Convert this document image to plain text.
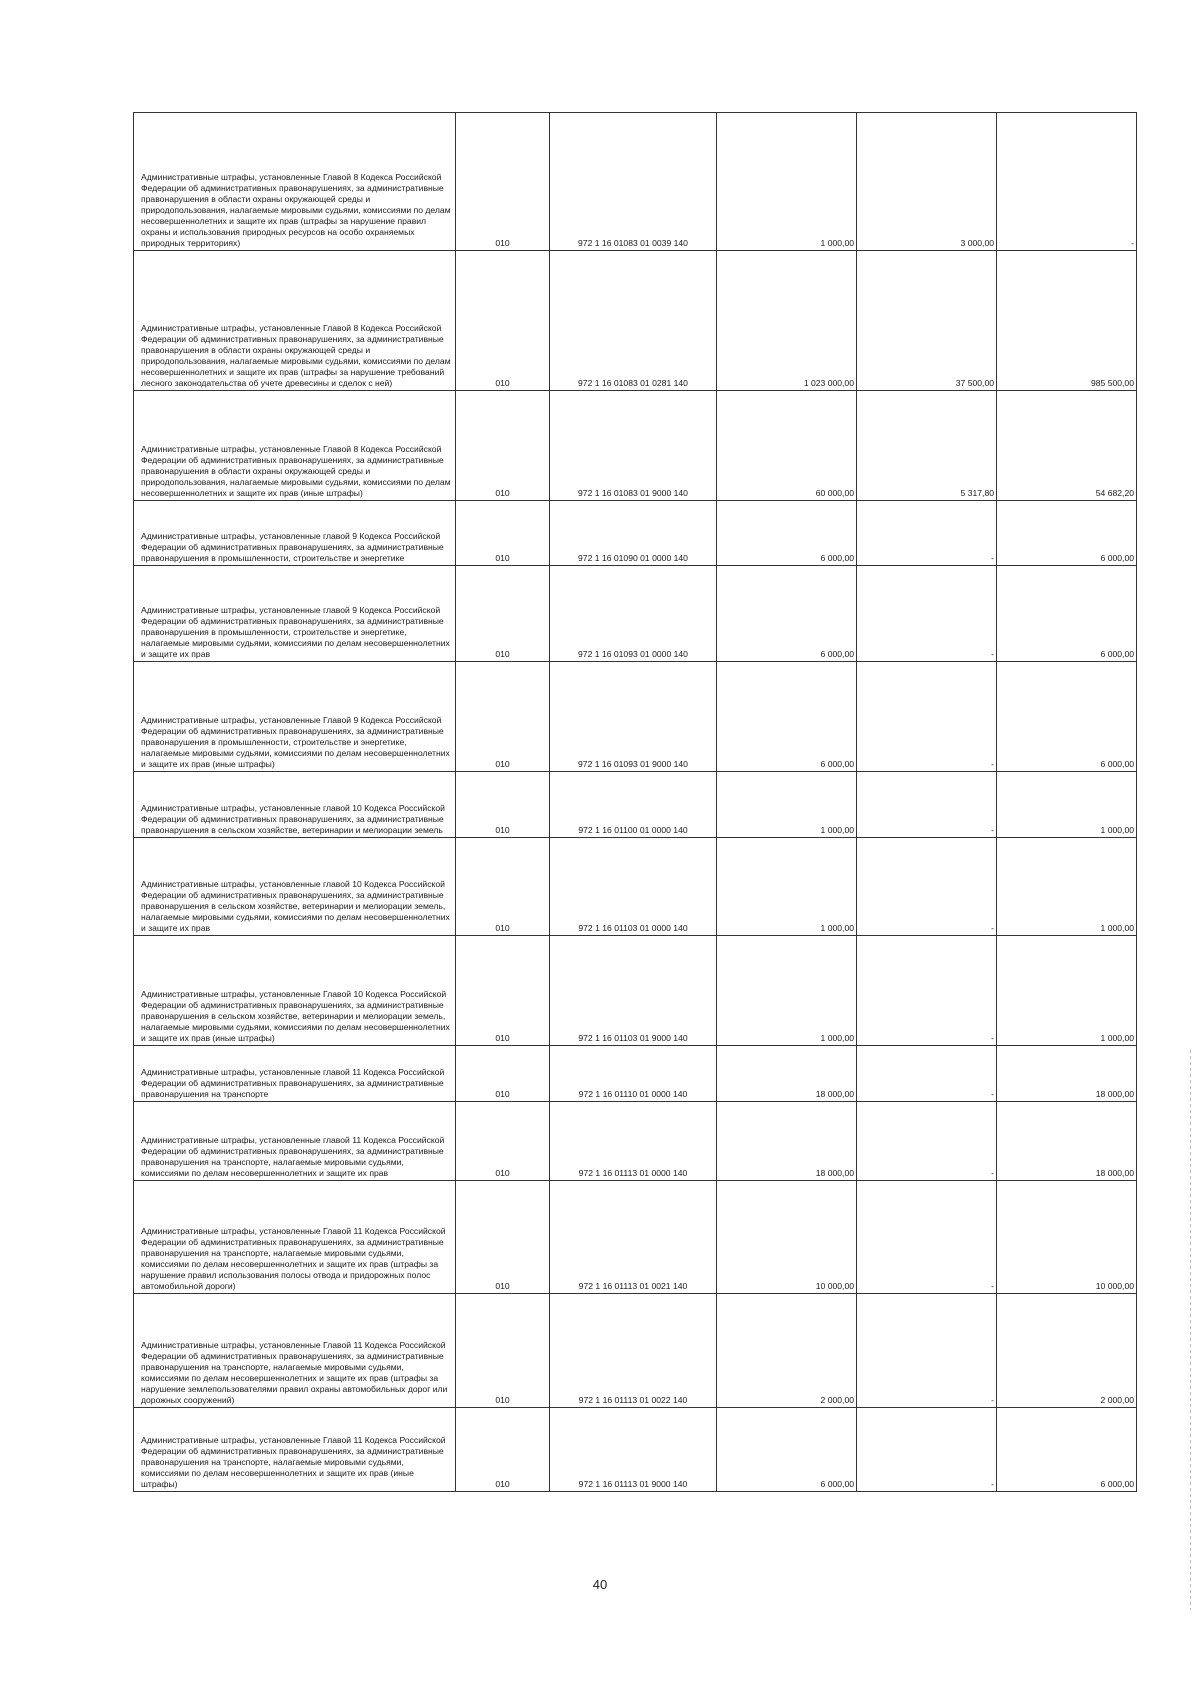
Административные штрафы, установленные Главой 8 Кодекса Российской Федерации об административных правонарушениях, за административные правонарушения в области охраны окружающей среды и природопользования, налагаемые мировыми судьями, комиссиями по делам несовершеннолетних и защите их прав (штрафы за нарушение правил охраны и использования природных ресурсов на особо охраняемых природных территориях)	010	972 1 16 01083 01 0039 140	1 000,00	3 000,00	-
Административные штрафы, установленные Главой 8 Кодекса Российской Федерации об административных правонарушениях, за административные правонарушения в области охраны окружающей среды и природопользования, налагаемые мировыми судьями, комиссиями по делам несовершеннолетних и защите их прав (штрафы за нарушение требований лесного законодательства об учете древесины и сделок с ней)	010	972 1 16 01083 01 0281 140	1 023 000,00	37 500,00	985 500,00
Административные штрафы, установленные Главой 8 Кодекса Российской Федерации об административных правонарушениях, за административные правонарушения в области охраны окружающей среды и природопользования, налагаемые мировыми судьями, комиссиями по делам несовершеннолетних и защите их прав (иные штрафы)	010	972 1 16 01083 01 9000 140	60 000,00	5 317,80	54 682,20
Административные штрафы, установленные главой 9 Кодекса Российской Федерации об административных правонарушениях, за административные правонарушения в промышленности, строительстве и энергетике	010	972 1 16 01090 01 0000 140	6 000,00	-	6 000,00
Административные штрафы, установленные главой 9 Кодекса Российской Федерации об административных правонарушениях, за административные правонарушения в промышленности, строительстве и энергетике, налагаемые мировыми судьями, комиссиями по делам несовершеннолетних и защите их прав	010	972 1 16 01093 01 0000 140	6 000,00	-	6 000,00
Административные штрафы, установленные Главой 9 Кодекса Российской Федерации об административных правонарушениях, за административные правонарушения в промышленности, строительстве и энергетике, налагаемые мировыми судьями, комиссиями по делам несовершеннолетних и защите их прав (иные штрафы)	010	972 1 16 01093 01 9000 140	6 000,00	-	6 000,00
Административные штрафы, установленные главой 10 Кодекса Российской Федерации об административных правонарушениях, за административные правонарушения в сельском хозяйстве, ветеринарии и мелиорации земель	010	972 1 16 01100 01 0000 140	1 000,00	-	1 000,00
Административные штрафы, установленные главой 10 Кодекса Российской Федерации об административных правонарушениях, за административные правонарушения в сельском хозяйстве, ветеринарии и мелиорации земель, налагаемые мировыми судьями, комиссиями по делам несовершеннолетних и защите их прав	010	972 1 16 01103 01 0000 140	1 000,00	-	1 000,00
Административные штрафы, установленные Главой 10 Кодекса Российской Федерации об административных правонарушениях, за административные правонарушения в сельском хозяйстве, ветеринарии и мелиорации земель, налагаемые мировыми судьями, комиссиями по делам несовершеннолетних и защите их прав (иные штрафы)	010	972 1 16 01103 01 9000 140	1 000,00	-	1 000,00
Административные штрафы, установленные главой 11 Кодекса Российской Федерации об административных правонарушениях, за административные правонарушения на транспорте	010	972 1 16 01110 01 0000 140	18 000,00	-	18 000,00
Административные штрафы, установленные главой 11 Кодекса Российской Федерации об административных правонарушениях, за административные правонарушения на транспорте, налагаемые мировыми судьями, комиссиями по делам несовершеннолетних и защите их прав	010	972 1 16 01113 01 0000 140	18 000,00	-	18 000,00
Административные штрафы, установленные Главой 11 Кодекса Российской Федерации об административных правонарушениях, за административные правонарушения на транспорте, налагаемые мировыми судьями, комиссиями по делам несовершеннолетних и защите их прав (штрафы за нарушение правил использования полосы отвода и придорожных полос автомобильной дороги)	010	972 1 16 01113 01 0021 140	10 000,00	-	10 000,00
Административные штрафы, установленные Главой 11 Кодекса Российской Федерации об административных правонарушениях, за административные правонарушения на транспорте, налагаемые мировыми судьями, комиссиями по делам несовершеннолетних и защите их прав (штрафы за нарушение землепользователями правил охраны автомобильных дорог или дорожных сооружений)	010	972 1 16 01113 01 0022 140	2 000,00	-	2 000,00
Административные штрафы, установленные Главой 11 Кодекса Российской Федерации об административных правонарушениях, за административные правонарушения на транспорте, налагаемые мировыми судьями, комиссиями по делам несовершеннолетних и защите их прав (иные штрафы)	010	972 1 16 01113 01 9000 140	6 000,00	-	6 000,00
40
